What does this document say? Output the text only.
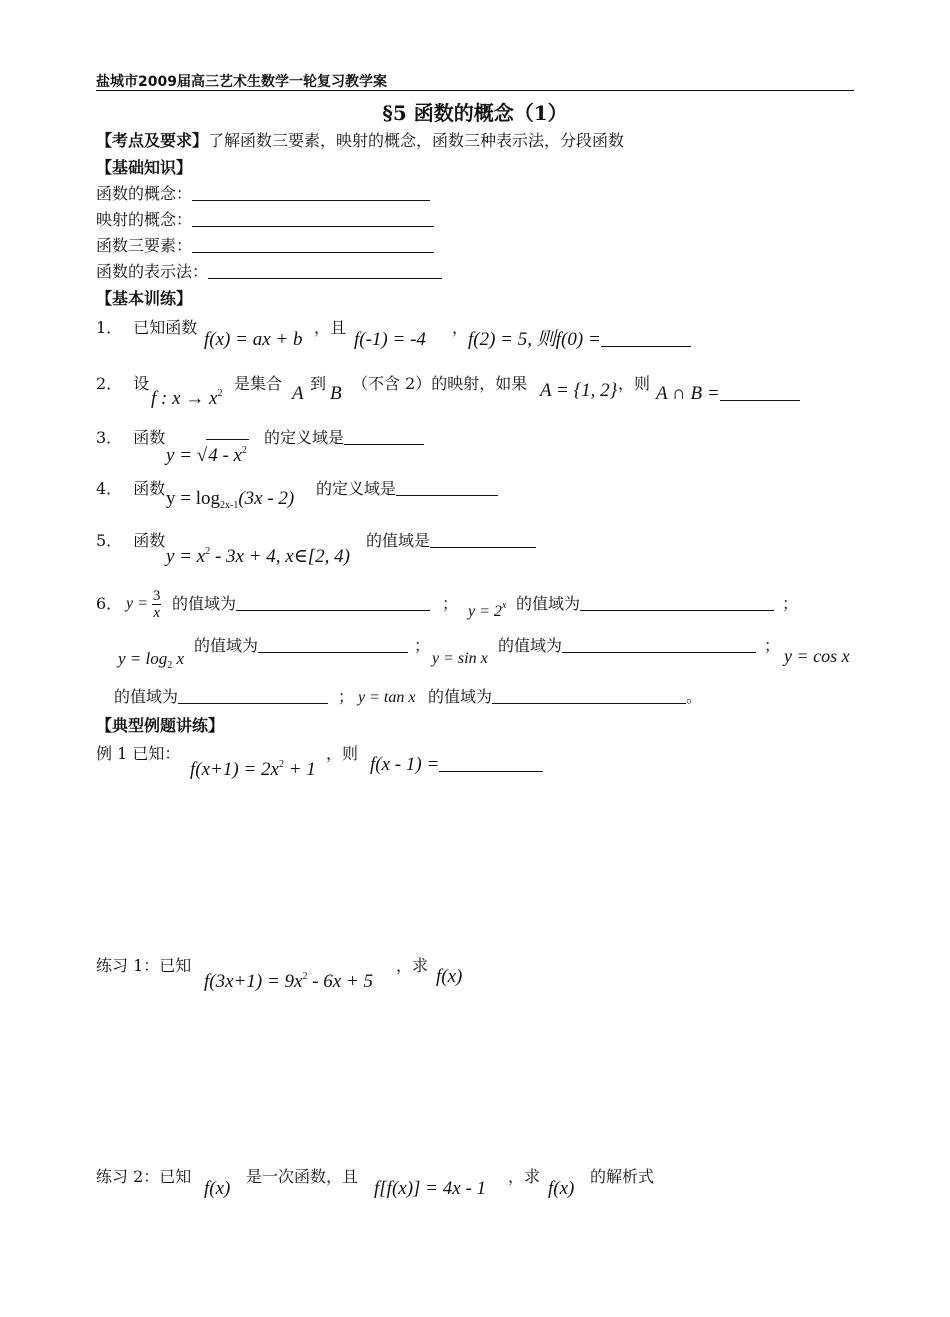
盐城市2009届高三艺术生数学一轮复习教学案
§5 函数的概念（1）
【考点及要求】了解函数三要素，映射的概念，函数三种表示法，分段函数
【基础知识】
函数的概念：
映射的概念：
函数三要素：
函数的表示法：
【基本训练】
1． 已知函数
f(x) = ax + b
，且
f(-1) = -4
，
f(2) = 5, 则f(0) =
2． 设
f : $x \to x^2$
是集合 A 到 B （不含 2）的映射，如果 A = {1, 2} ，则 A ∩ B =
3． 函数
$y = √4 - x^2$
的定义域是
4． 函数 $y = \log_{2x-1}(3x - 2)$ 的定义域是
5． 函数
$y = x^2 - 3x + 4$, x∈[2, 4)
的值域是
6． $y = \frac{3}{x}$ 的值域为	； $y = 2^x$ 的值域为	；
$y = \log_2 x$
的值域为	；
y = sin x
的值域为	；
y = cos x
的值域为	； y = tan x 的值域为	。
【典型例题讲练】
例 1 已知：
$f(x+1) = 2x^2 + 1$
，则
f(x - 1) =
练习 1：已知
$f(3x+1) = 9x^2 - 6x + 5$
，求
f(x)
练习 2：已知
f(x)
是一次函数，且
f[f(x)] = 4x - 1
，求
f(x)
的解析式
